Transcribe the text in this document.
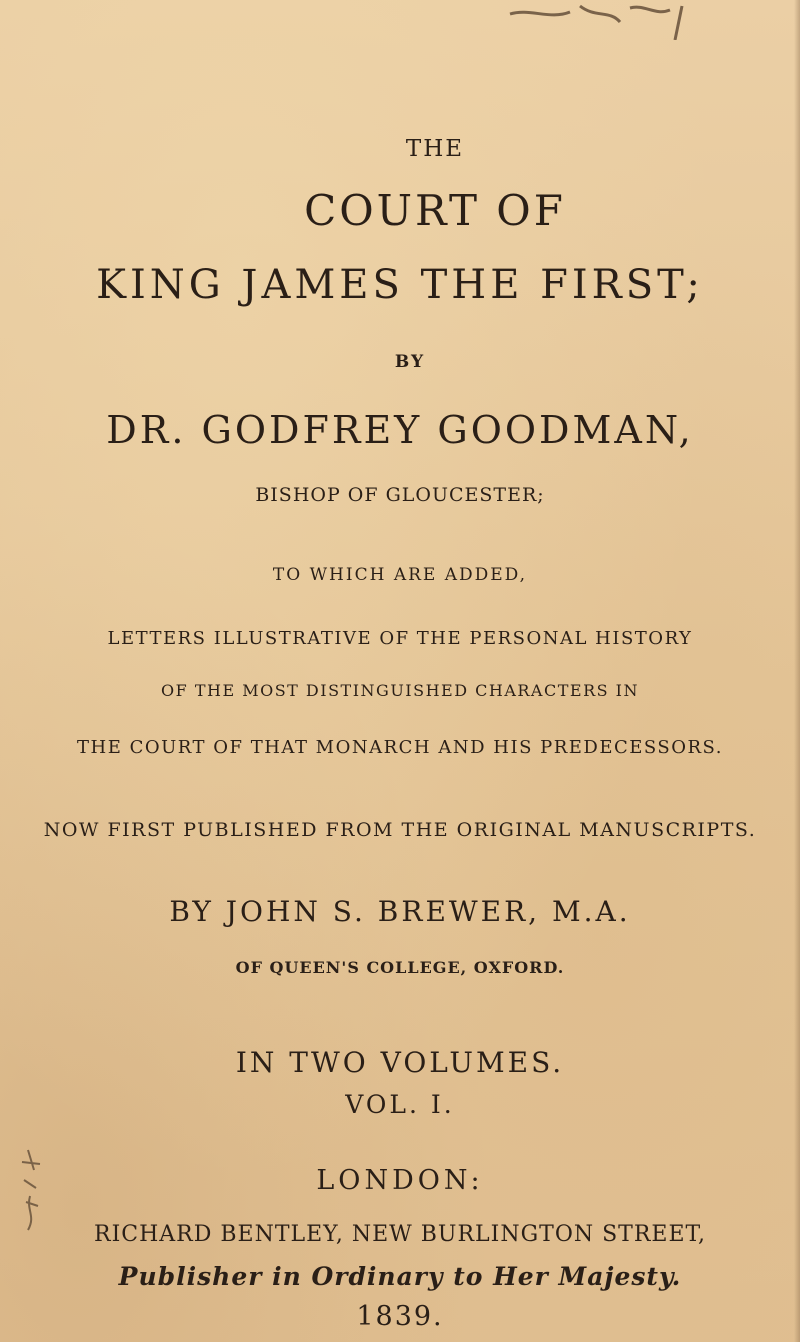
THE

COURT OF

KING JAMES THE FIRST;

BY

DR. GODFREY GOODMAN,

BISHOP OF GLOUCESTER;

TO WHICH ARE ADDED,

LETTERS ILLUSTRATIVE OF THE PERSONAL HISTORY

OF THE MOST DISTINGUISHED CHARACTERS IN

THE COURT OF THAT MONARCH AND HIS PREDECESSORS.

NOW FIRST PUBLISHED FROM THE ORIGINAL MANUSCRIPTS.

BY JOHN S. BREWER, M.A.

OF QUEEN'S COLLEGE, OXFORD.

IN TWO VOLUMES.

VOL. I.

LONDON:

RICHARD BENTLEY, NEW BURLINGTON STREET,

Publisher in Ordinary to Her Majesty.

1839.
